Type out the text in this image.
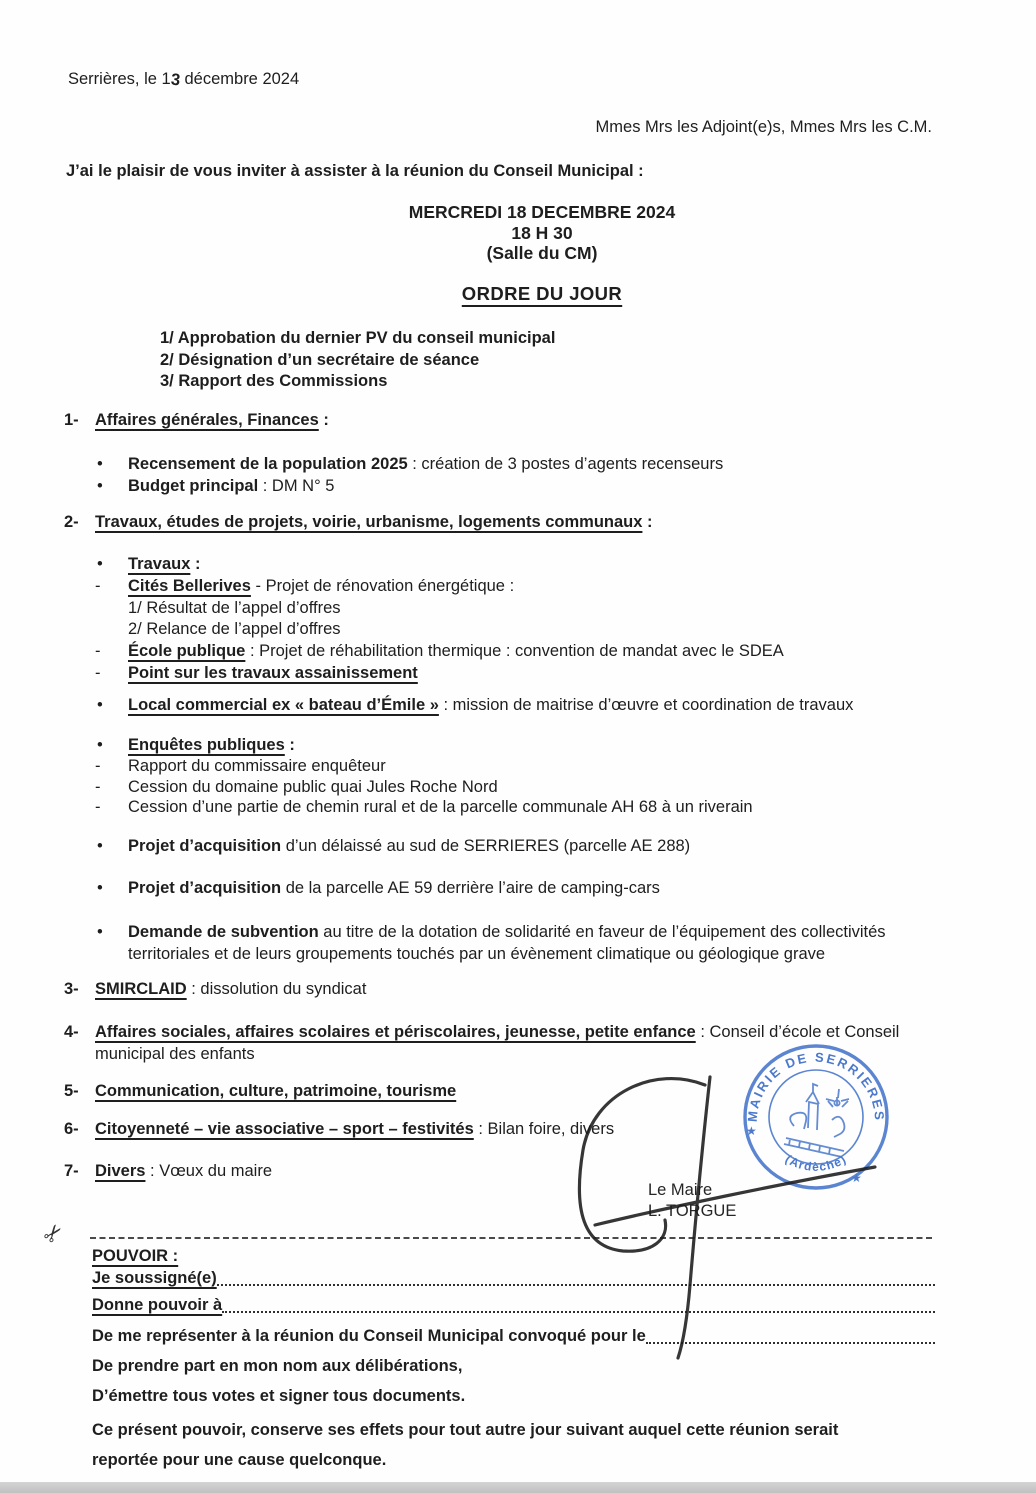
Serrières, le 13 décembre 2024
Mmes Mrs les Adjoint(e)s, Mmes Mrs les C.M.
J’ai le plaisir de vous inviter à assister à la réunion du Conseil Municipal :
MERCREDI 18 DECEMBRE 2024
18 H 30
(Salle du CM)
ORDRE DU JOUR
1/ Approbation du dernier PV du conseil municipal
2/ Désignation d’un secrétaire de séance
3/ Rapport des Commissions
1- Affaires générales, Finances :
• Recensement de la population 2025 : création de 3 postes d’agents recenseurs
• Budget principal : DM N° 5
2- Travaux, études de projets, voirie, urbanisme, logements communaux :
• Travaux :
- Cités Bellerives - Projet de rénovation énergétique :
1/ Résultat de l’appel d’offres
2/ Relance de l’appel d’offres
- École publique : Projet de réhabilitation thermique : convention de mandat avec le SDEA
- Point sur les travaux assainissement
• Local commercial ex « bateau d’Émile » : mission de maitrise d’œuvre et coordination de travaux
• Enquêtes publiques :
- Rapport du commissaire enquêteur
- Cession du domaine public quai Jules Roche Nord
- Cession d’une partie de chemin rural et de la parcelle communale AH 68 à un riverain
• Projet d’acquisition d’un délaissé au sud de SERRIERES (parcelle AE 288)
• Projet d’acquisition de la parcelle AE 59 derrière l’aire de camping-cars
• Demande de subvention au titre de la dotation de solidarité en faveur de l’équipement des collectivités
territoriales et de leurs groupements touchés par un évènement climatique ou géologique grave
3- SMIRCLAID : dissolution du syndicat
4- Affaires sociales, affaires scolaires et périscolaires, jeunesse, petite enfance : Conseil d’école et Conseil
municipal des enfants
5- Communication, culture, patrimoine, tourisme
6- Citoyenneté – vie associative – sport – festivités : Bilan foire, divers
7- Divers : Vœux du maire
Le Maire
L. TORGUE
MAIRIE DE SERRIERES
(Ardèche)
★
★
✂
POUVOIR :
Je soussigné(e)
Donne pouvoir à
De me représenter à la réunion du Conseil Municipal convoqué pour le
De prendre part en mon nom aux délibérations,
D’émettre tous votes et signer tous documents.
Ce présent pouvoir, conserve ses effets pour tout autre jour suivant auquel cette réunion serait
reportée pour une cause quelconque.
